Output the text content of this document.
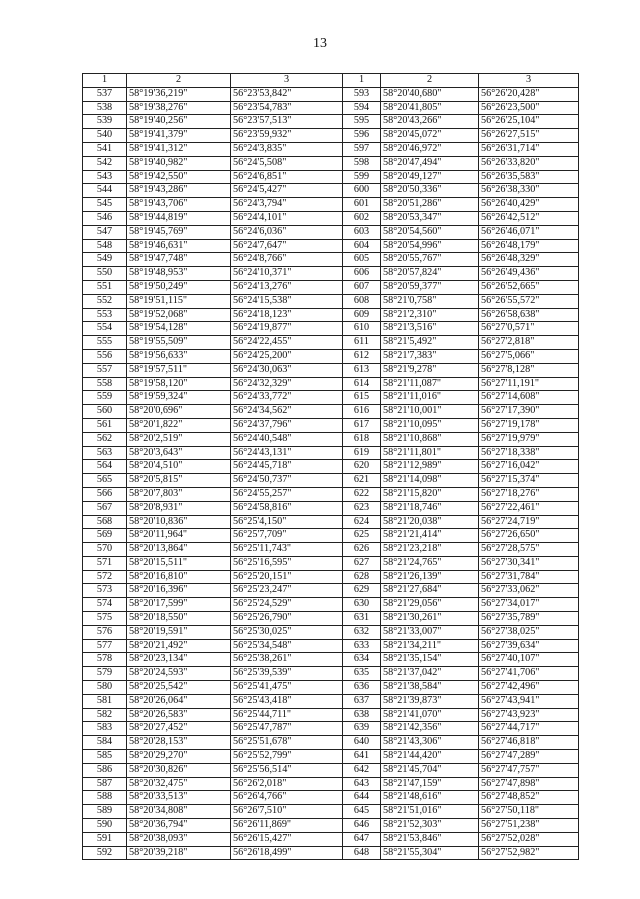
13
1	2	3	1	2	3
537	58°19'36,219"	56°23'53,842"	593	58°20'40,680"	56°26'20,428"
538	58°19'38,276"	56°23'54,783"	594	58°20'41,805"	56°26'23,500"
539	58°19'40,256"	56°23'57,513"	595	58°20'43,266"	56°26'25,104"
540	58°19'41,379"	56°23'59,932"	596	58°20'45,072"	56°26'27,515"
541	58°19'41,312"	56°24'3,835"	597	58°20'46,972"	56°26'31,714"
542	58°19'40,982"	56°24'5,508"	598	58°20'47,494"	56°26'33,820"
543	58°19'42,550"	56°24'6,851"	599	58°20'49,127"	56°26'35,583"
544	58°19'43,286"	56°24'5,427"	600	58°20'50,336"	56°26'38,330"
545	58°19'43,706"	56°24'3,794"	601	58°20'51,286"	56°26'40,429"
546	58°19'44,819"	56°24'4,101"	602	58°20'53,347"	56°26'42,512"
547	58°19'45,769"	56°24'6,036"	603	58°20'54,560"	56°26'46,071"
548	58°19'46,631"	56°24'7,647"	604	58°20'54,996"	56°26'48,179"
549	58°19'47,748"	56°24'8,766"	605	58°20'55,767"	56°26'48,329"
550	58°19'48,953"	56°24'10,371"	606	58°20'57,824"	56°26'49,436"
551	58°19'50,249"	56°24'13,276"	607	58°20'59,377"	56°26'52,665"
552	58°19'51,115"	56°24'15,538"	608	58°21'0,758"	56°26'55,572"
553	58°19'52,068"	56°24'18,123"	609	58°21'2,310"	56°26'58,638"
554	58°19'54,128"	56°24'19,877"	610	58°21'3,516"	56°27'0,571"
555	58°19'55,509"	56°24'22,455"	611	58°21'5,492"	56°27'2,818"
556	58°19'56,633"	56°24'25,200"	612	58°21'7,383"	56°27'5,066"
557	58°19'57,511"	56°24'30,063"	613	58°21'9,278"	56°27'8,128"
558	58°19'58,120"	56°24'32,329"	614	58°21'11,087"	56°27'11,191"
559	58°19'59,324"	56°24'33,772"	615	58°21'11,016"	56°27'14,608"
560	58°20'0,696"	56°24'34,562"	616	58°21'10,001"	56°27'17,390"
561	58°20'1,822"	56°24'37,796"	617	58°21'10,095"	56°27'19,178"
562	58°20'2,519"	56°24'40,548"	618	58°21'10,868"	56°27'19,979"
563	58°20'3,643"	56°24'43,131"	619	58°21'11,801"	56°27'18,338"
564	58°20'4,510"	56°24'45,718"	620	58°21'12,989"	56°27'16,042"
565	58°20'5,815"	56°24'50,737"	621	58°21'14,098"	56°27'15,374"
566	58°20'7,803"	56°24'55,257"	622	58°21'15,820"	56°27'18,276"
567	58°20'8,931"	56°24'58,816"	623	58°21'18,746"	56°27'22,461"
568	58°20'10,836"	56°25'4,150"	624	58°21'20,038"	56°27'24,719"
569	58°20'11,964"	56°25'7,709"	625	58°21'21,414"	56°27'26,650"
570	58°20'13,864"	56°25'11,743"	626	58°21'23,218"	56°27'28,575"
571	58°20'15,511"	56°25'16,595"	627	58°21'24,765"	56°27'30,341"
572	58°20'16,810"	56°25'20,151"	628	58°21'26,139"	56°27'31,784"
573	58°20'16,396"	56°25'23,247"	629	58°21'27,684"	56°27'33,062"
574	58°20'17,599"	56°25'24,529"	630	58°21'29,056"	56°27'34,017"
575	58°20'18,550"	56°25'26,790"	631	58°21'30,261"	56°27'35,789"
576	58°20'19,591"	56°25'30,025"	632	58°21'33,007"	56°27'38,025"
577	58°20'21,492"	56°25'34,548"	633	58°21'34,211"	56°27'39,634"
578	58°20'23,134"	56°25'38,261"	634	58°21'35,154"	56°27'40,107"
579	58°20'24,593"	56°25'39,539"	635	58°21'37,042"	56°27'41,706"
580	58°20'25,542"	56°25'41,475"	636	58°21'38,584"	56°27'42,496"
581	58°20'26,064"	56°25'43,418"	637	58°21'39,873"	56°27'43,941"
582	58°20'26,583"	56°25'44,711"	638	58°21'41,070"	56°27'43,923"
583	58°20'27,452"	56°25'47,787"	639	58°21'42,356"	56°27'44,717"
584	58°20'28,153"	56°25'51,678"	640	58°21'43,306"	56°27'46,818"
585	58°20'29,270"	56°25'52,799"	641	58°21'44,420"	56°27'47,289"
586	58°20'30,826"	56°25'56,514"	642	58°21'45,704"	56°27'47,757"
587	58°20'32,475"	56°26'2,018"	643	58°21'47,159"	56°27'47,898"
588	58°20'33,513"	56°26'4,766"	644	58°21'48,616"	56°27'48,852"
589	58°20'34,808"	56°26'7,510"	645	58°21'51,016"	56°27'50,118"
590	58°20'36,794"	56°26'11,869"	646	58°21'52,303"	56°27'51,238"
591	58°20'38,093"	56°26'15,427"	647	58°21'53,846"	56°27'52,028"
592	58°20'39,218"	56°26'18,499"	648	58°21'55,304"	56°27'52,982"
